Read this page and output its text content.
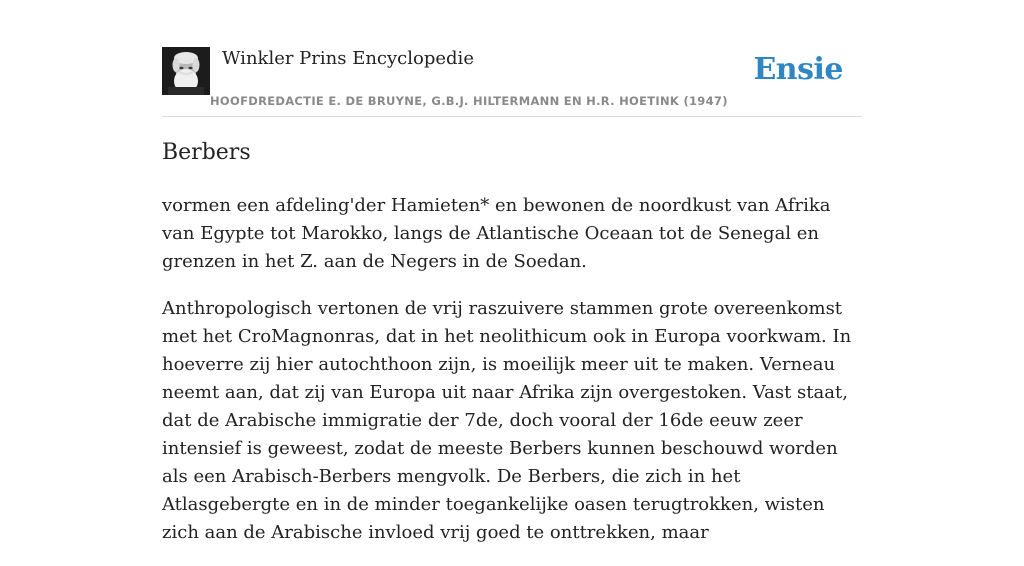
Winkler Prins Encyclopedie
HOOFDREDACTIE E. DE BRUYNE, G.B.J. HILTERMANN EN H.R. HOETINK (1947)
Ensie
Berbers

vormen een afdeling'der Hamieten* en bewonen de noordkust van Afrika van Egypte tot Marokko, langs de Atlantische Oceaan tot de Senegal en grenzen in het Z. aan de Negers in de Soedan.

Anthropologisch vertonen de vrij raszuivere stammen grote overeenkomst met het CroMagnonras, dat in het neolithicum ook in Europa voorkwam. In hoeverre zij hier autochthoon zijn, is moeilijk meer uit te maken. Verneau neemt aan, dat zij van Europa uit naar Afrika zijn overgestoken. Vast staat, dat de Arabische immigratie der 7de, doch vooral der 16de eeuw zeer intensief is geweest, zodat de meeste Berbers kunnen beschouwd worden als een Arabisch-Berbers mengvolk. De Berbers, die zich in het Atlasgebergte en in de minder toegankelijke oasen terugtrokken, wisten zich aan de Arabische invloed vrij goed te onttrekken, maar
